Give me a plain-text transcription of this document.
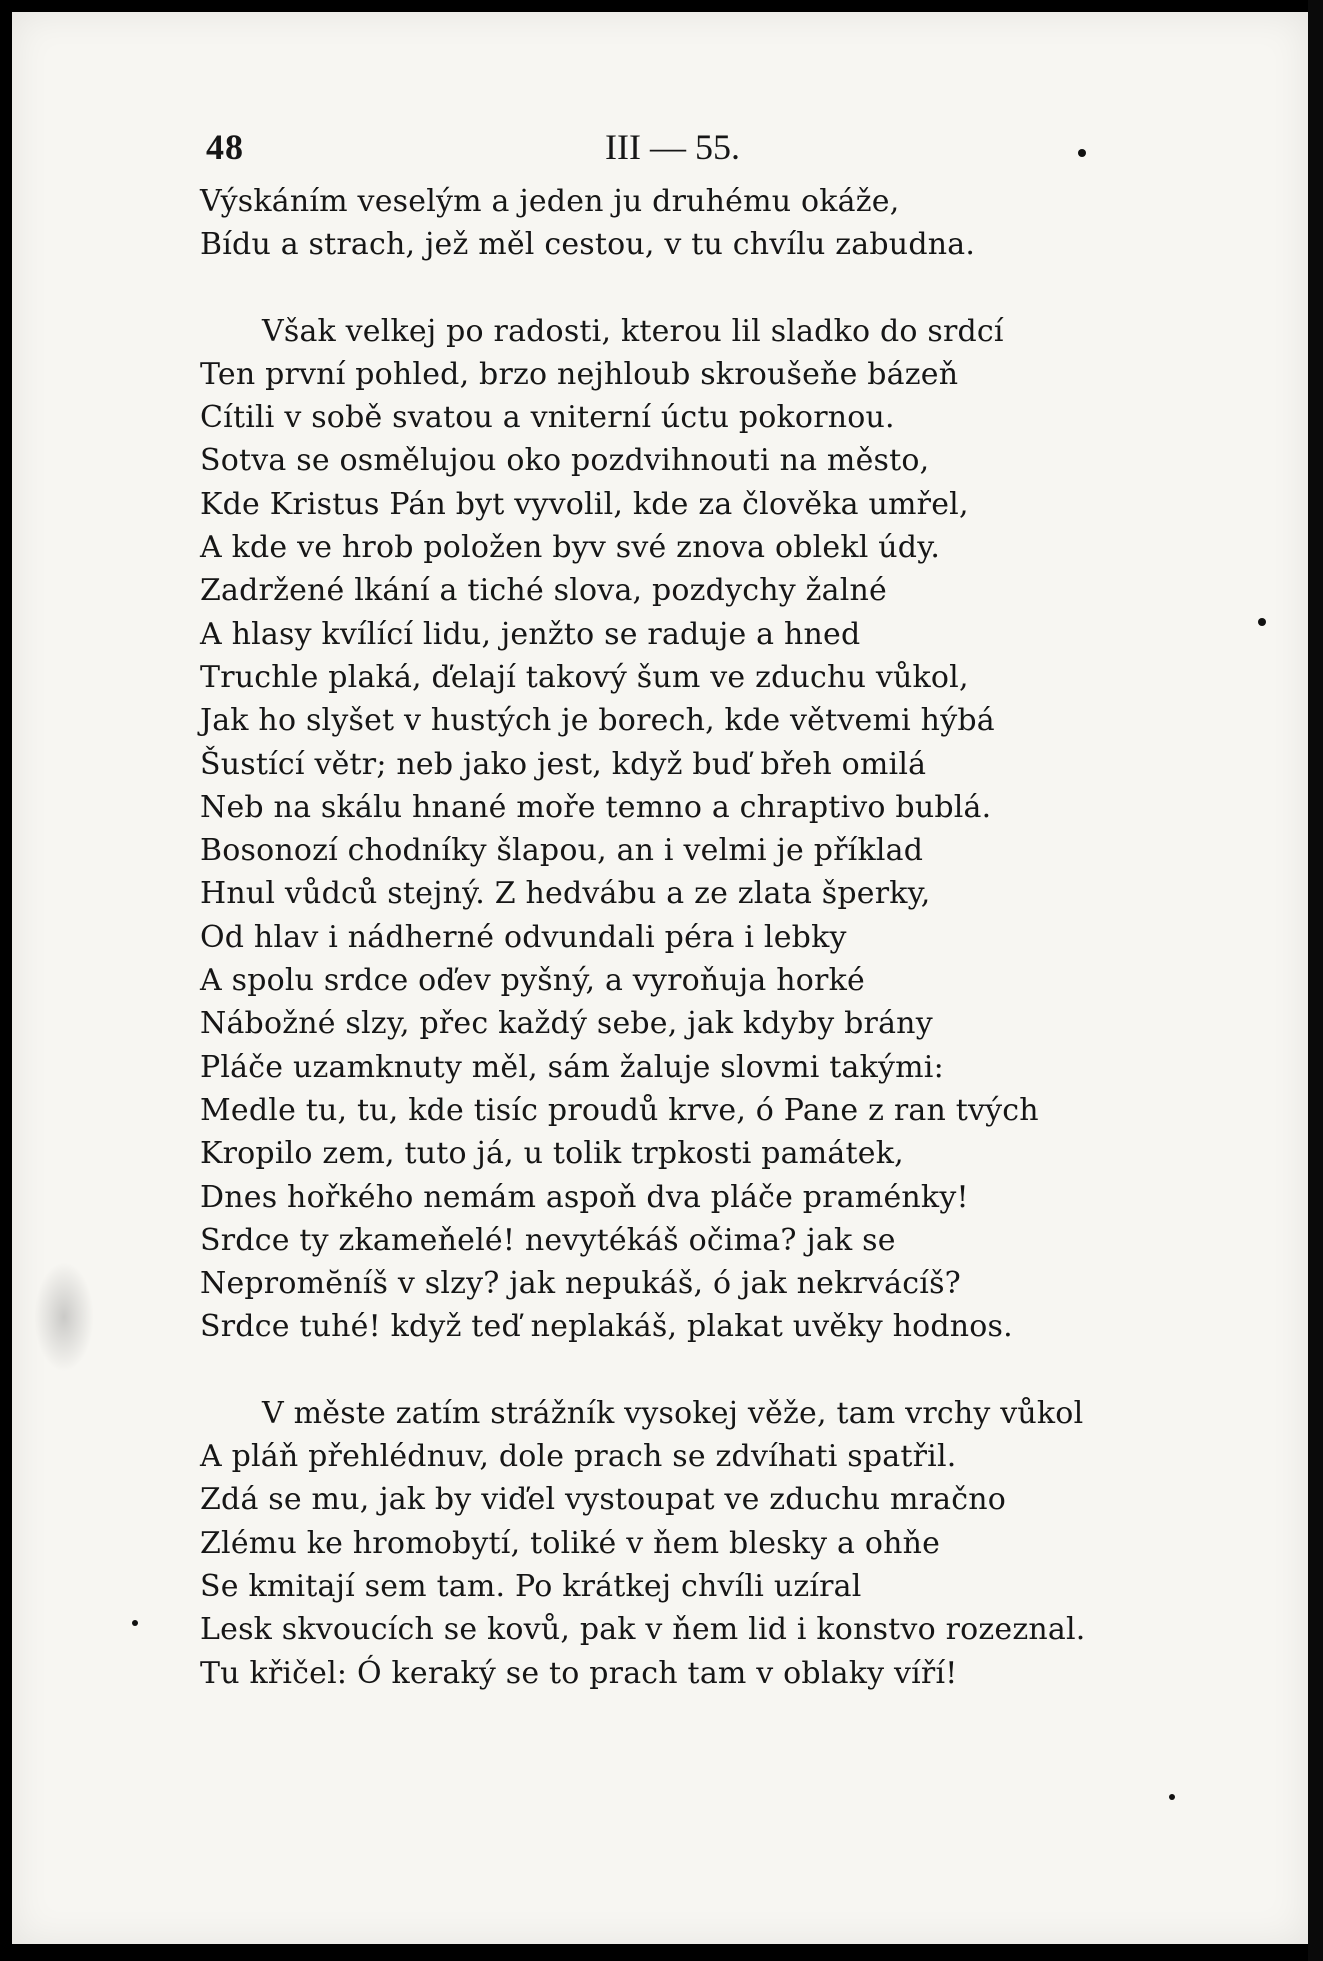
48	III — 55.
Výskáním veselým a jeden ju druhému okáže,
Bídu a strach, jež měl cestou, v tu chvílu zabudna.
Však velkej po radosti, kterou lil sladko do srdcí
Ten první pohled, brzo nejhloub skroušeňe bázeň
Cítili v sobě svatou a vniterní úctu pokornou.
Sotva se osmělujou oko pozdvihnouti na město,
Kde Kristus Pán byt vyvolil, kde za člověka umřel,
A kde ve hrob položen byv své znova oblekl údy.
Zadržené lkání a tiché slova, pozdychy žalné
A hlasy kvílící lidu, jenžto se raduje a hned
Truchle plaká, ďelají takový šum ve zduchu vůkol,
Jak ho slyšet v hustých je borech, kde větvemi hýbá
Šustící větr; neb jako jest, když buď břeh omilá
Neb na skálu hnané moře temno a chraptivo bublá.
Bosonozí chodníky šlapou, an i velmi je příklad
Hnul vůdců stejný. Z hedvábu a ze zlata šperky,
Od hlav i nádherné odvundali péra i lebky
A spolu srdce oďev pyšný, a vyroňuja horké
Nábožné slzy, přec každý sebe, jak kdyby brány
Pláče uzamknuty měl, sám žaluje slovmi takými:
Medle tu, tu, kde tisíc proudů krve, ó Pane z ran tvých
Kropilo zem, tuto já, u tolik trpkosti památek,
Dnes hořkého nemám aspoň dva pláče praménky!
Srdce ty zkameňelé! nevytékáš očima? jak se
Nepromĕníš v slzy? jak nepukáš, ó jak nekrvácíš?
Srdce tuhé! když teď neplakáš, plakat uvěky hodnos.
V městе zatím strážník vysokej věže, tam vrchy vůkol
A pláň přehlédnuv, dole prach se zdvíhati spatřil.
Zdá se mu, jak by viďel vystoupat ve zduchu mračno
Zlému ke hromobytí, toliké v ňem blesky a ohňe
Se kmitají sem tam. Po krátkej chvíli uzíral
Lesk skvoucích se kovů, pak v ňem lid i konstvo rozeznal.
Tu křičel: Ó keraký se to prach tam v oblaky víří!
